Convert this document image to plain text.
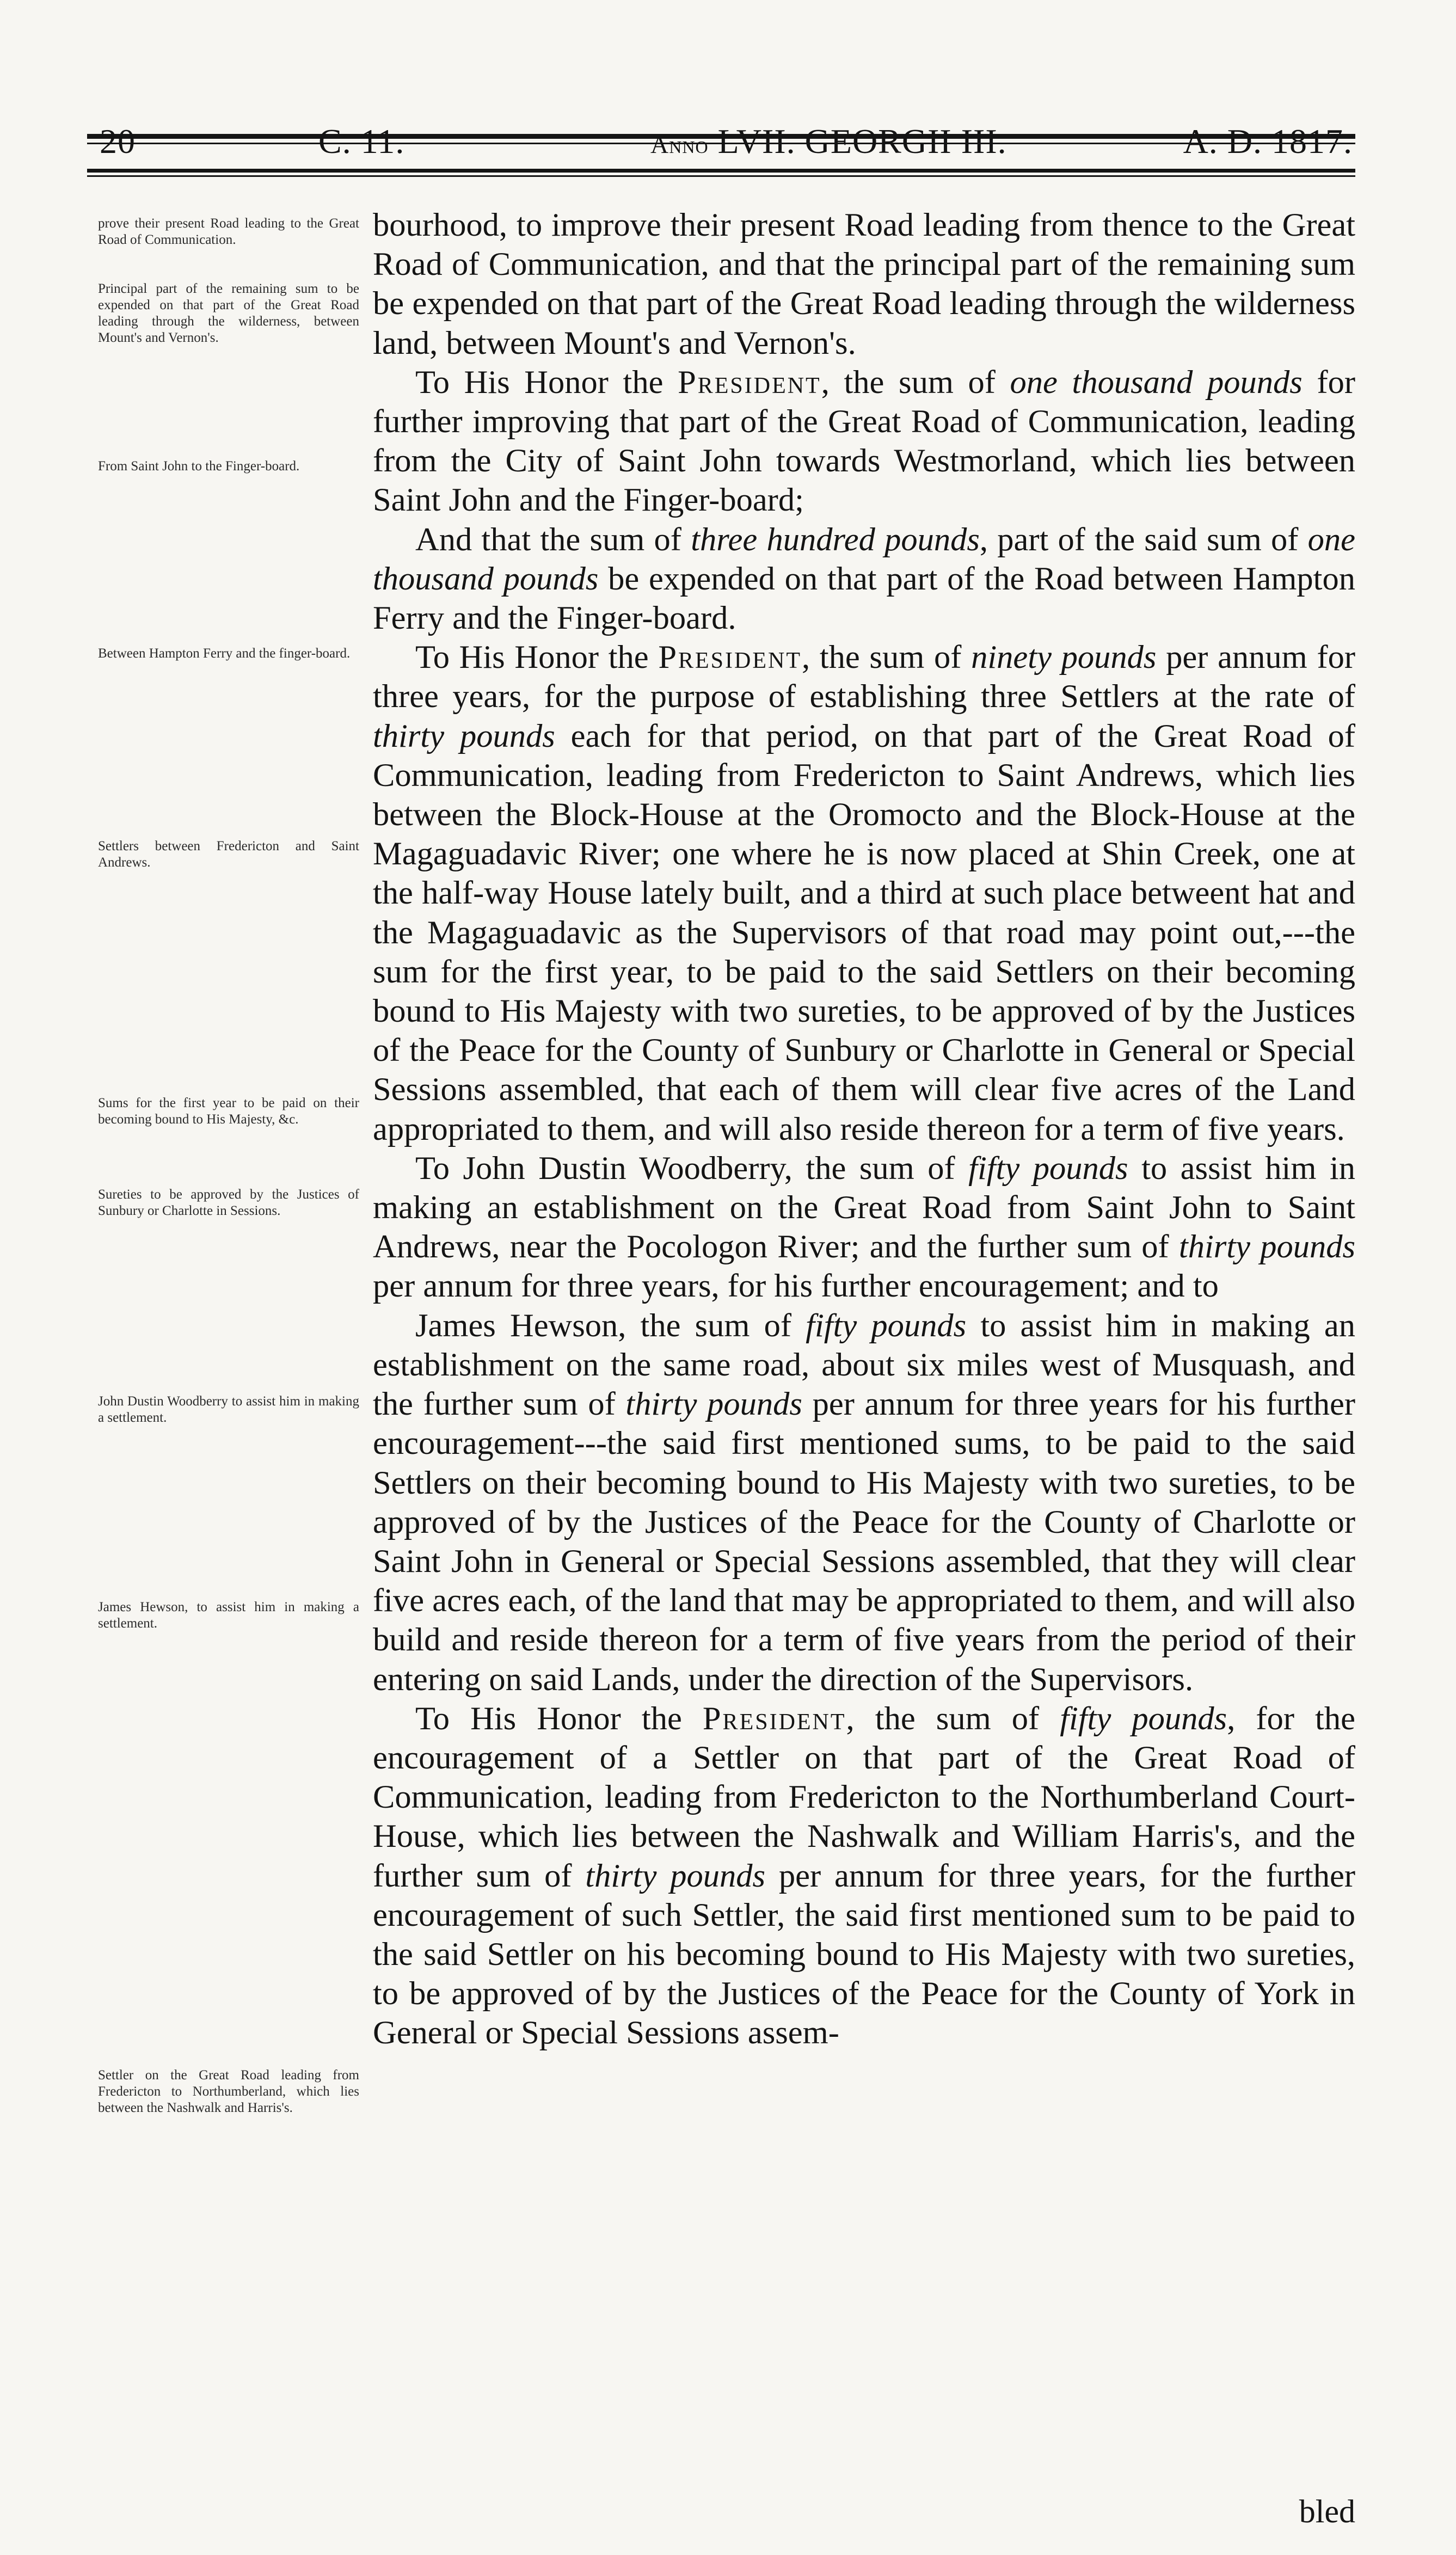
20	C. 11.	Anno LVII. GEORGII III.	A. D. 1817.
prove their present Road leading to the Great Road of Communication.
Principal part of the remaining sum to be expended on that part of the Great Road leading through the wilderness, between Mount's and Vernon's.
From Saint John to the Finger-board.
Between Hampton Ferry and the finger-board.
Settlers between Fredericton and Saint Andrews.
Sums for the first year to be paid on their becoming bound to His Majesty, &c.
Sureties to be approved by the Justices of Sunbury or Charlotte in Sessions.
John Dustin Woodberry to assist him in making a settlement.
James Hewson, to assist him in making a settlement.
Settler on the Great Road leading from Fredericton to Northumberland, which lies between the Nashwalk and Harris's.

bourhood, to improve their present Road leading from thence to the Great Road of Communication, and that the principal part of the remaining sum be expended on that part of the Great Road leading through the wilderness land, between Mount's and Vernon's.

To His Honor the President, the sum of one thousand pounds for further improving that part of the Great Road of Communication, leading from the City of Saint John towards Westmorland, which lies between Saint John and the Finger-board;

And that the sum of three hundred pounds, part of the said sum of one thousand pounds be expended on that part of the Road between Hampton Ferry and the Finger-board.

To His Honor the President, the sum of ninety pounds per annum for three years, for the purpose of establishing three Settlers at the rate of thirty pounds each for that period, on that part of the Great Road of Communication, leading from Fredericton to Saint Andrews, which lies between the Block-House at the Oromocto and the Block-House at the Magaguadavic River; one where he is now placed at Shin Creek, one at the half-way House lately built, and a third at such place betweent hat and the Magaguadavic as the Supervisors of that road may point out,---the sum for the first year, to be paid to the said Settlers on their becoming bound to His Majesty with two sureties, to be approved of by the Justices of the Peace for the County of Sunbury or Charlotte in General or Special Sessions assembled, that each of them will clear five acres of the Land appropriated to them, and will also reside thereon for a term of five years.

To John Dustin Woodberry, the sum of fifty pounds to assist him in making an establishment on the Great Road from Saint John to Saint Andrews, near the Pocologon River; and the further sum of thirty pounds per annum for three years, for his further encouragement; and to

James Hewson, the sum of fifty pounds to assist him in making an establishment on the same road, about six miles west of Musquash, and the further sum of thirty pounds per annum for three years for his further encouragement---the said first mentioned sums, to be paid to the said Settlers on their becoming bound to His Majesty with two sureties, to be approved of by the Justices of the Peace for the County of Charlotte or Saint John in General or Special Sessions assembled, that they will clear five acres each, of the land that may be appropriated to them, and will also build and reside thereon for a term of five years from the period of their entering on said Lands, under the direction of the Supervisors.

To His Honor the President, the sum of fifty pounds, for the encouragement of a Settler on that part of the Great Road of Communication, leading from Fredericton to the Northumberland Court-House, which lies between the Nashwalk and William Harris's, and the further sum of thirty pounds per annum for three years, for the further encouragement of such Settler, the said first mentioned sum to be paid to the said Settler on his becoming bound to His Majesty with two sureties, to be approved of by the Justices of the Peace for the County of York in General or Special Sessions assem-

bled
